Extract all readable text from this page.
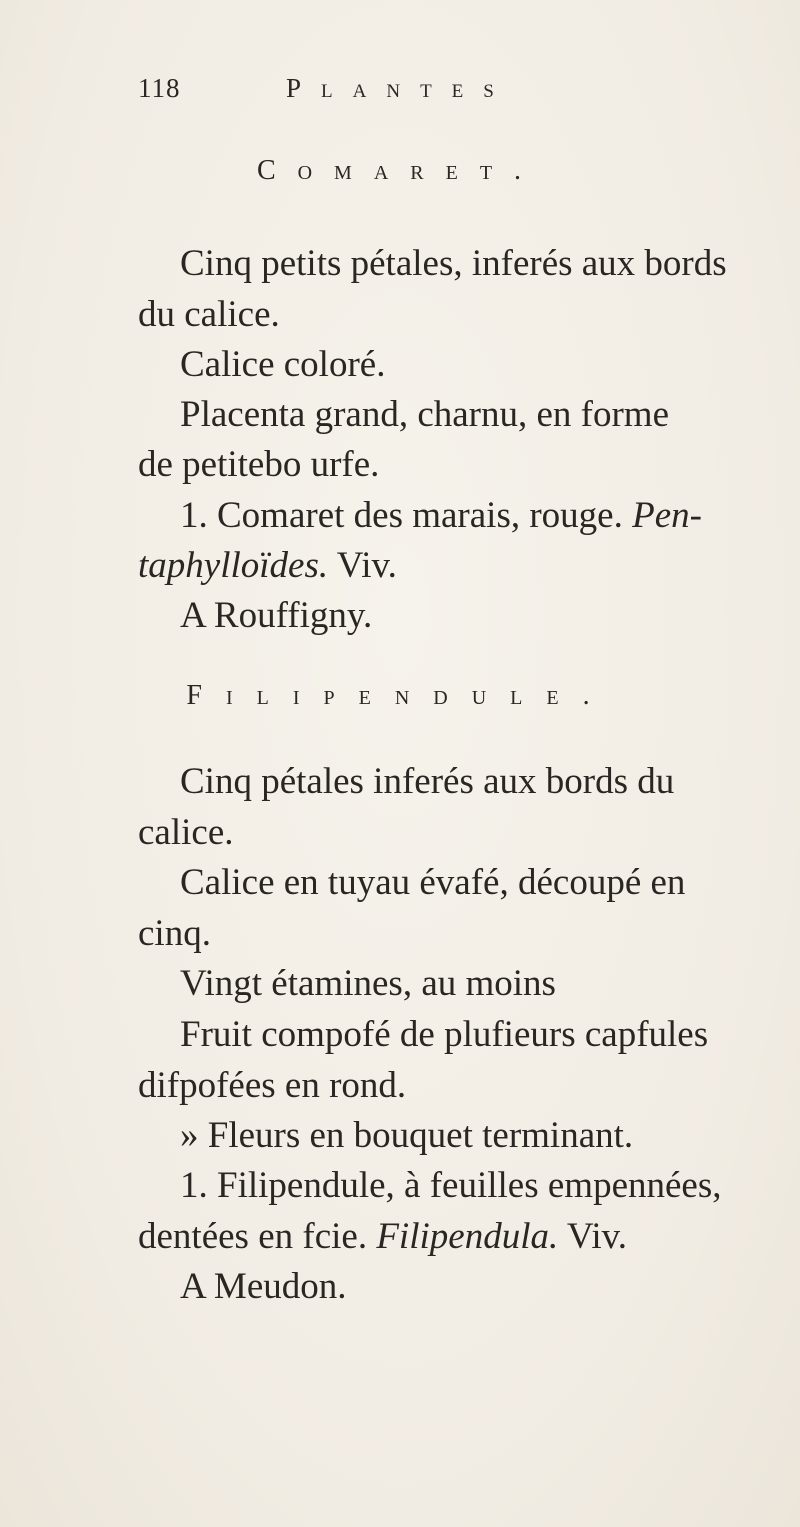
118	Plantes
Comaret.
Cinq petits pétales, inferés aux bords
du calice.
Calice coloré.
Placenta grand, charnu, en forme
de petitebo urfe.
1. Comaret des marais, rouge. Pen-
taphylloïdes. Viv.
A Rouffigny.
Filipendule.
Cinq pétales inferés aux bords du
calice.
Calice en tuyau évafé, découpé en
cinq.
Vingt étamines, au moins
Fruit compofé de plufieurs capfules
difpofées en rond.
» Fleurs en bouquet terminant.
1. Filipendule, à feuilles empennées,
dentées en fcie. Filipendula. Viv.
A Meudon.
